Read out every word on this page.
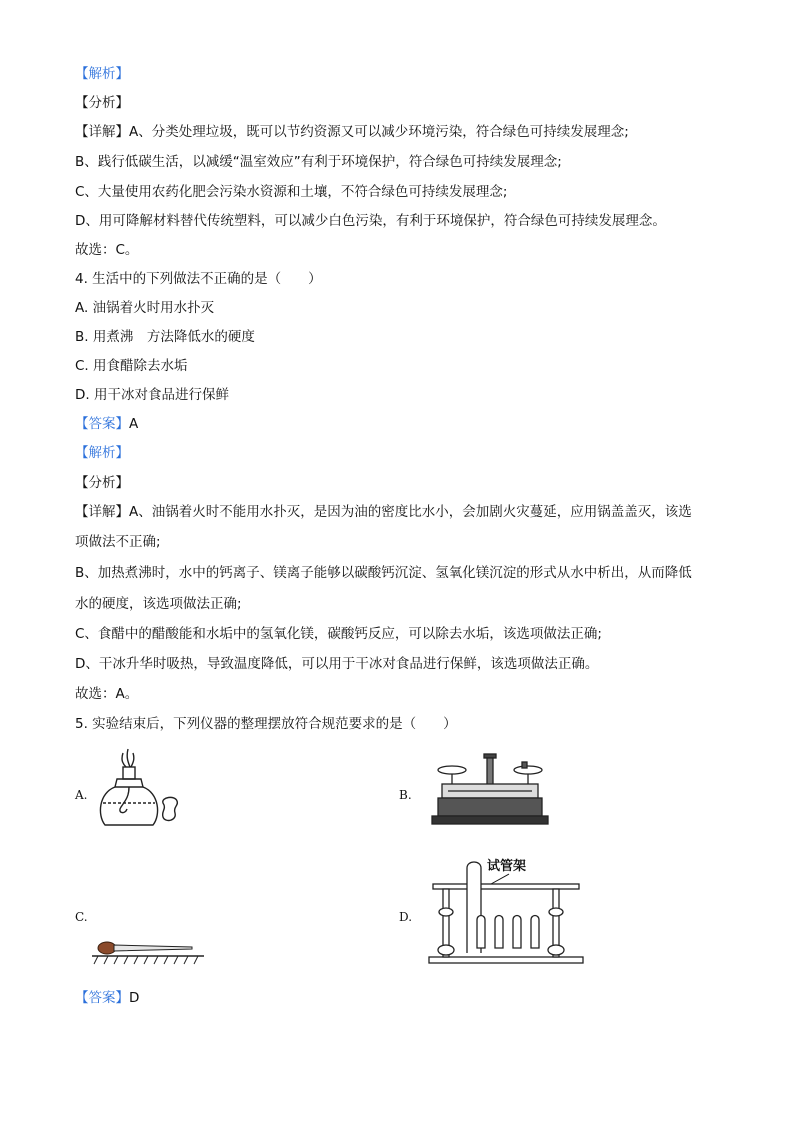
【解析】
【分析】
【详解】A、分类处理垃圾，既可以节约资源又可以减少环境污染，符合绿色可持续发展理念;
B、践行低碳生活，以减缓“温室效应”有利于环境保护，符合绿色可持续发展理念;
C、大量使用农药化肥会污染水资源和土壤，不符合绿色可持续发展理念;
D、用可降解材料替代传统塑料，可以减少白色污染，有利于环境保护，符合绿色可持续发展理念。
故选：C。
4. 生活中的下列做法不正确的是（　　）
A. 油锅着火时用水扑灭
B. 用煮沸　方法降低水的硬度
C. 用食醋除去水垢
D. 用干冰对食品进行保鲜
【答案】A
【解析】
【分析】
【详解】A、油锅着火时不能用水扑灭，是因为油的密度比水小，会加剧火灾蔓延，应用锅盖盖灭，该选
项做法不正确;
B、加热煮沸时，水中的钙离子、镁离子能够以碳酸钙沉淀、氢氧化镁沉淀的形式从水中析出，从而降低
水的硬度，该选项做法正确;
C、食醋中的醋酸能和水垢中的氢氧化镁，碳酸钙反应，可以除去水垢，该选项做法正确;
D、干冰升华时吸热，导致温度降低，可以用于干冰对食品进行保鲜，该选项做法正确。
故选：A。
5. 实验结束后，下列仪器的整理摆放符合规范要求的是（　　）
A.	B.
C.	D.
试管架
【答案】D
